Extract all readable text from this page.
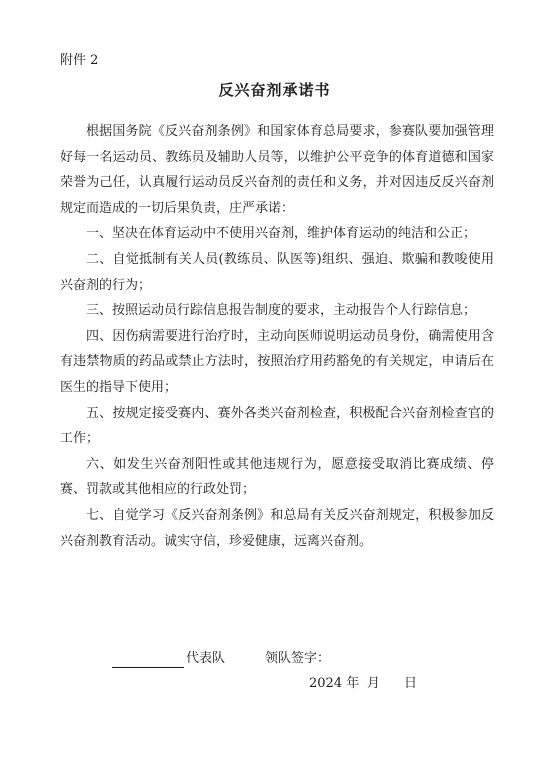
附件 2
反兴奋剂承诺书

根据国务院《反兴奋剂条例》和国家体育总局要求，参赛队要加强管理好每一名运动员、教练员及辅助人员等，以维护公平竞争的体育道德和国家荣誉为己任，认真履行运动员反兴奋剂的责任和义务，并对因违反反兴奋剂规定而造成的一切后果负责，庄严承诺：

一、坚决在体育运动中不使用兴奋剂，维护体育运动的纯洁和公正；

二、自觉抵制有关人员(教练员、队医等)组织、强迫、欺骗和教唆使用兴奋剂的行为；

三、按照运动员行踪信息报告制度的要求，主动报告个人行踪信息；

四、因伤病需要进行治疗时，主动向医师说明运动员身份，确需使用含有违禁物质的药品或禁止方法时，按照治疗用药豁免的有关规定，申请后在医生的指导下使用；

五、按规定接受赛内、赛外各类兴奋剂检查，积极配合兴奋剂检查官的工作；

六、如发生兴奋剂阳性或其他违规行为，愿意接受取消比赛成绩、停赛、罚款或其他相应的行政处罚；

七、自觉学习《反兴奋剂条例》和总局有关反兴奋剂规定，积极参加反兴奋剂教育活动。诚实守信，珍爱健康，远离兴奋剂。

代表队	领队签字：
2024 年 月 日
